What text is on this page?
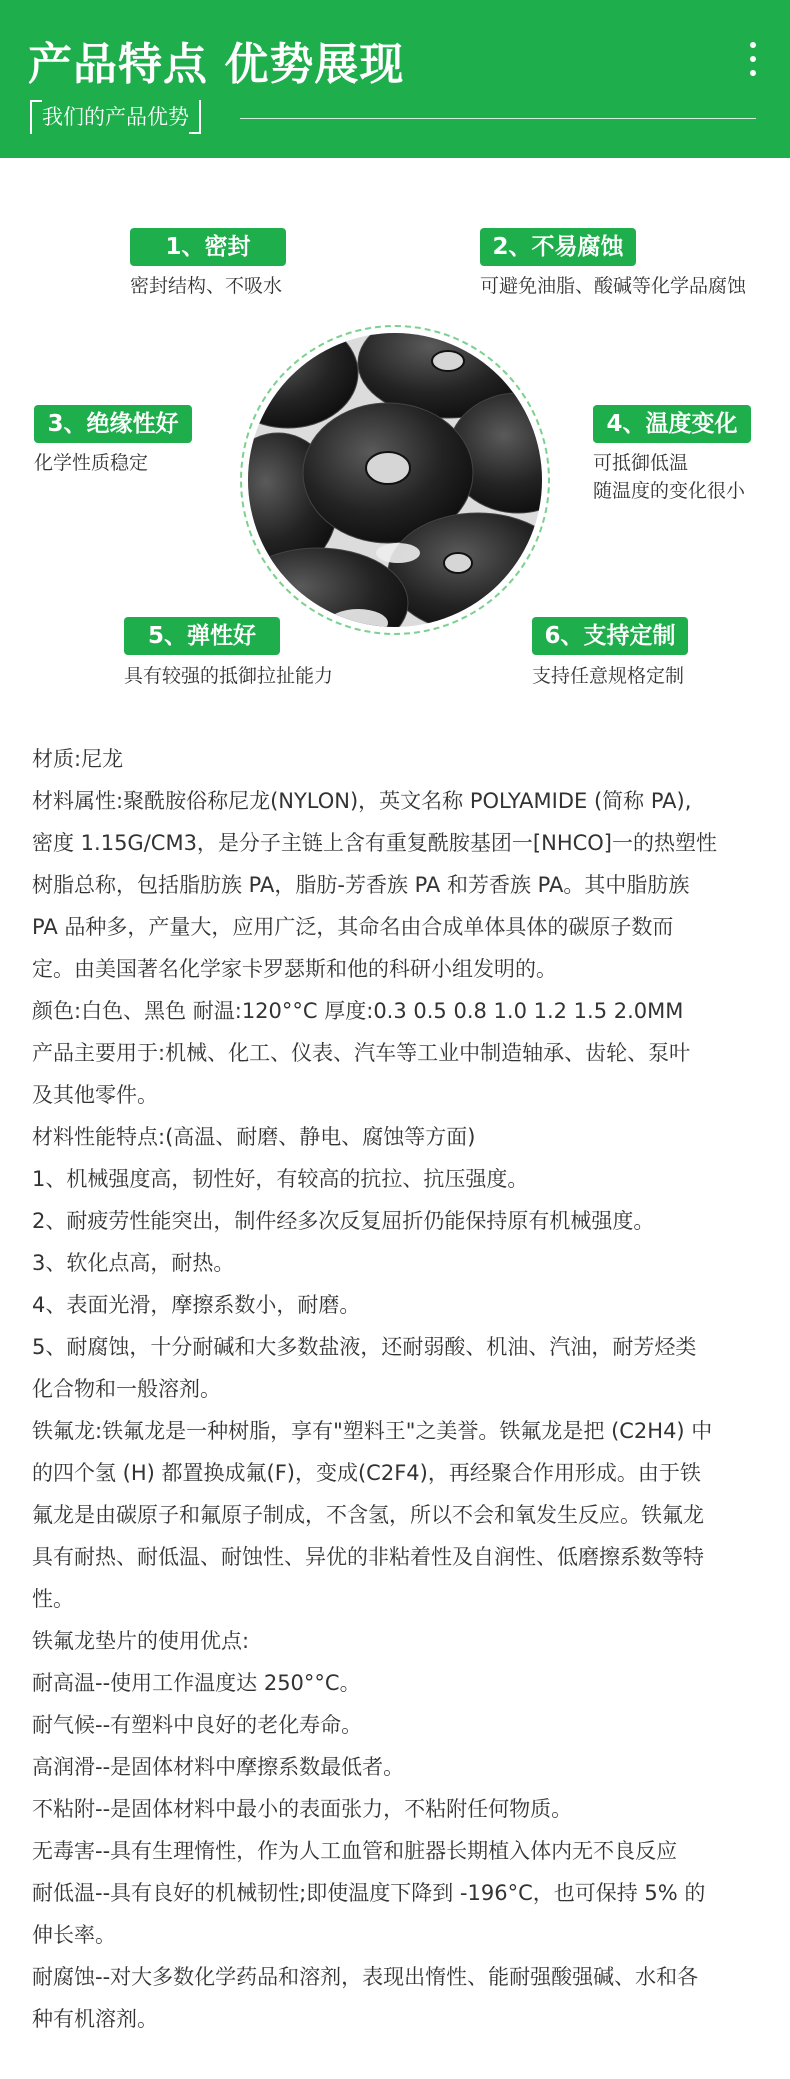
产品特点 优势展现
我们的产品优势
1、密封
密封结构、不吸水
2、不易腐蚀
可避免油脂、酸碱等化学品腐蚀
3、绝缘性好
化学性质稳定
4、温度变化
可抵御低温
随温度的变化很小
5、弹性好
具有较强的抵御拉扯能力
6、支持定制
支持任意规格定制

材质:尼龙

材料属性:聚酰胺俗称尼龙(NYLON)，英文名称 POLYAMIDE (简称 PA),

密度 1.15G/CM3，是分子主链上含有重复酰胺基团一[NHCO]一的热塑性

树脂总称，包括脂肪族 PA，脂肪-芳香族 PA 和芳香族 PA。其中脂肪族

PA 品种多，产量大，应用广泛，其命名由合成单体具体的碳原子数而

定。由美国著名化学家卡罗瑟斯和他的科研小组发明的。

颜色:白色、黑色 耐温:120°°C 厚度:0.3 0.5 0.8 1.0 1.2 1.5 2.0MM

产品主要用于:机械、化工、仪表、汽车等工业中制造轴承、齿轮、泵叶

及其他零件。

材料性能特点:(高温、耐磨、静电、腐蚀等方面)

1、机械强度高，韧性好，有较高的抗拉、抗压强度。

2、耐疲劳性能突出，制件经多次反复屈折仍能保持原有机械强度。

3、软化点高，耐热。

4、表面光滑，摩擦系数小，耐磨。

5、耐腐蚀，十分耐碱和大多数盐液，还耐弱酸、机油、汽油，耐芳烃类

化合物和一般溶剂。

铁氟龙:铁氟龙是一种树脂，享有"塑料王"之美誉。铁氟龙是把 (C2H4) 中

的四个氢 (H) 都置换成氟(F)，变成(C2F4)，再经聚合作用形成。由于铁

氟龙是由碳原子和氟原子制成，不含氢，所以不会和氧发生反应。铁氟龙

具有耐热、耐低温、耐蚀性、异优的非粘着性及自润性、低磨擦系数等特

性。

铁氟龙垫片的使用优点:

耐高温--使用工作温度达 250°°C。

耐气候--有塑料中良好的老化寿命。

高润滑--是固体材料中摩擦系数最低者。

不粘附--是固体材料中最小的表面张力，不粘附任何物质。

无毒害--具有生理惰性，作为人工血管和脏器长期植入体内无不良反应

耐低温--具有良好的机械韧性;即使温度下降到 -196°C，也可保持 5% 的

伸长率。

耐腐蚀--对大多数化学药品和溶剂，表现出惰性、能耐强酸强碱、水和各

种有机溶剂。
